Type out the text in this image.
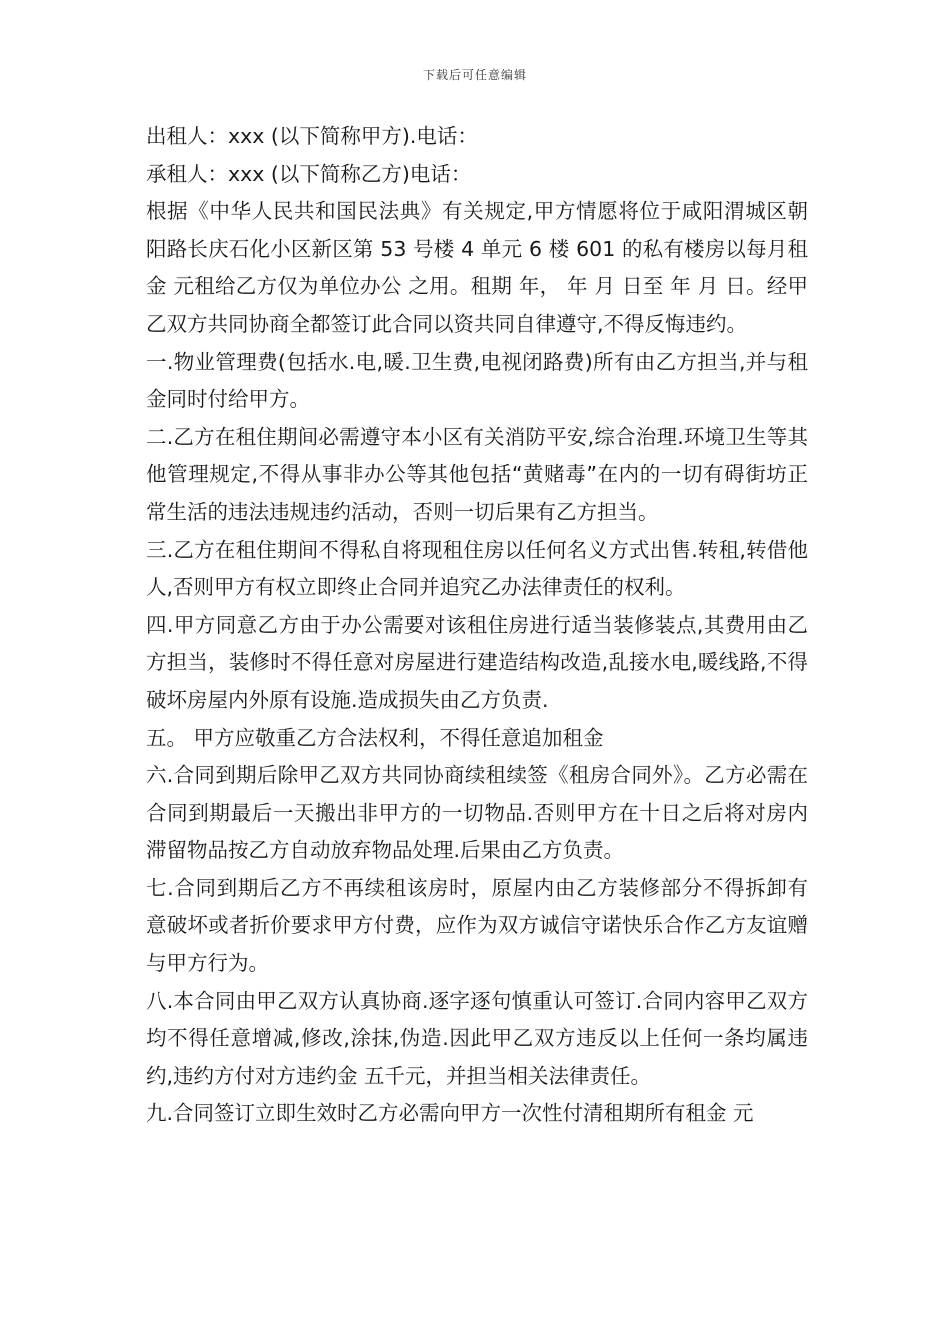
下载后可任意编辑

出租人：xxx (以下简称甲方).电话：

承租人：xxx (以下简称乙方)电话：

根据《中华人民共和国民法典》有关规定,甲方情愿将位于咸阳渭城区朝阳路长庆石化小区新区第 53 号楼 4 单元 6 楼 601 的私有楼房以每月租金 元租给乙方仅为单位办公 之用。租期 年， 年 月 日至 年 月 日。经甲乙双方共同协商全都签订此合同以资共同自律遵守,不得反悔违约。

一.物业管理费(包括水.电,暖.卫生费,电视闭路费)所有由乙方担当,并与租金同时付给甲方。

二.乙方在租住期间必需遵守本小区有关消防平安,综合治理.环境卫生等其他管理规定,不得从事非办公等其他包括“黄赌毒”在内的一切有碍街坊正常生活的违法违规违约活动，否则一切后果有乙方担当。

三.乙方在租住期间不得私自将现租住房以任何名义方式出售.转租,转借他人,否则甲方有权立即终止合同并追究乙办法律责任的权利。

四.甲方同意乙方由于办公需要对该租住房进行适当装修装点,其费用由乙方担当，装修时不得任意对房屋进行建造结构改造,乱接水电,暖线路,不得破坏房屋内外原有设施.造成损失由乙方负责.

五。 甲方应敬重乙方合法权利，不得任意追加租金

六.合同到期后除甲乙双方共同协商续租续签《租房合同外》。乙方必需在合同到期最后一天搬出非甲方的一切物品.否则甲方在十日之后将对房内滞留物品按乙方自动放弃物品处理.后果由乙方负责。

七.合同到期后乙方不再续租该房时，原屋内由乙方装修部分不得拆卸有意破坏或者折价要求甲方付费，应作为双方诚信守诺快乐合作乙方友谊赠与甲方行为。

八.本合同由甲乙双方认真协商.逐字逐句慎重认可签订.合同内容甲乙双方均不得任意增减,修改,涂抹,伪造.因此甲乙双方违反以上任何一条均属违约,违约方付对方违约金 五千元，并担当相关法律责任。

九.合同签订立即生效时乙方必需向甲方一次性付清租期所有租金 元
